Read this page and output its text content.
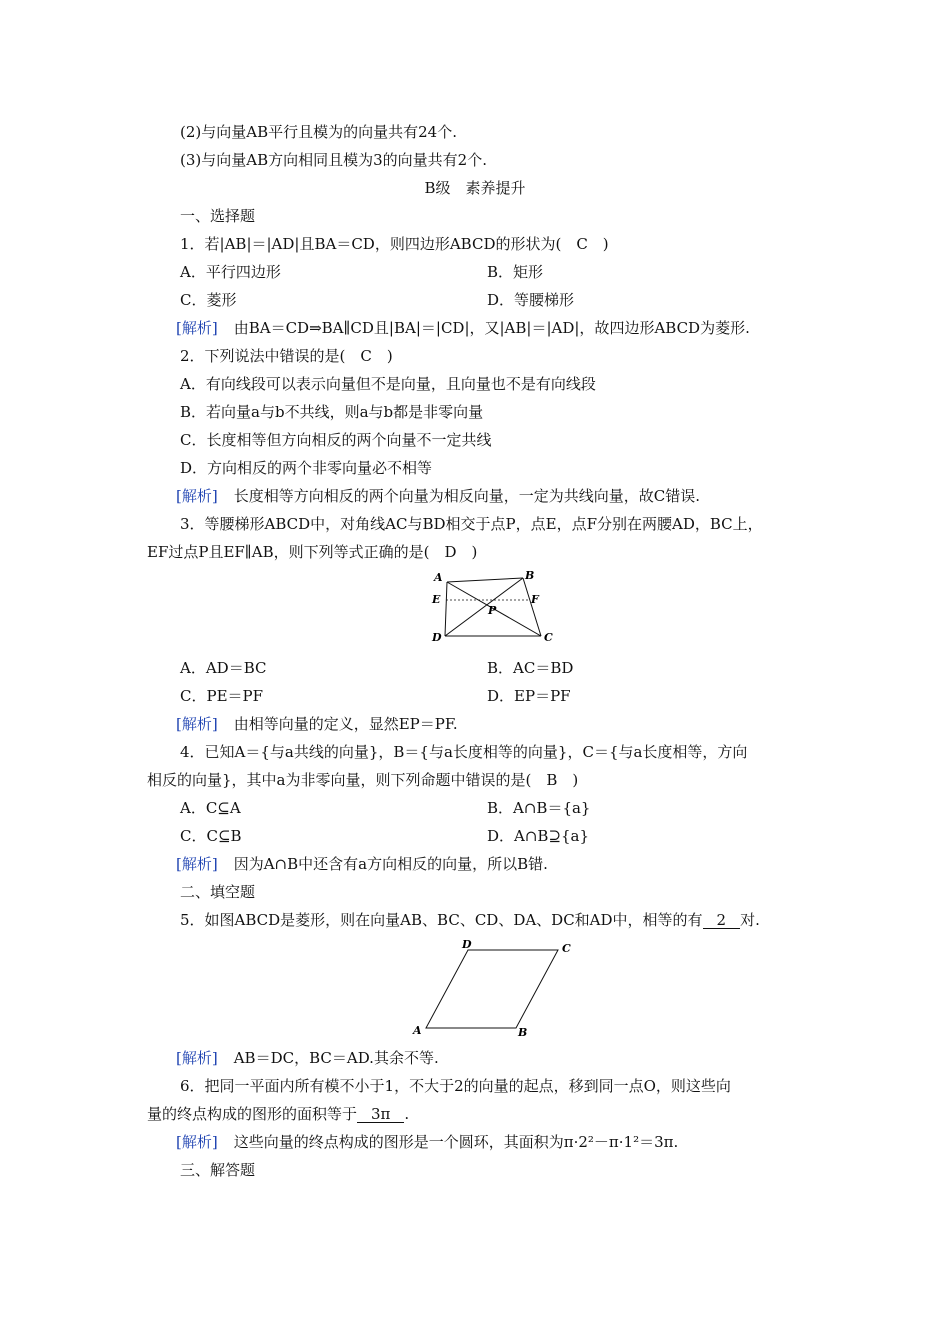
(2)与向量AB平行且模为的向量共有24个.
(3)与向量AB方向相同且模为3的向量共有2个.
B级　素养提升
一、选择题
1．若|AB|＝|AD|且BA＝CD，则四边形ABCD的形状为(　C　)
A．平行四边形	B．矩形
C．菱形	D．等腰梯形
[解析] 由BA＝CD⇒BA∥CD且|BA|＝|CD|，又|AB|＝|AD|，故四边形ABCD为菱形.
2．下列说法中错误的是(　C　)
A．有向线段可以表示向量但不是向量，且向量也不是有向线段
B．若向量a与b不共线，则a与b都是非零向量
C．长度相等但方向相反的两个向量不一定共线
D．方向相反的两个非零向量必不相等
[解析] 长度相等方向相反的两个向量为相反向量，一定为共线向量，故C错误.
3．等腰梯形ABCD中，对角线AC与BD相交于点P，点E，点F分别在两腰AD，BC上，
EF过点P且EF∥AB，则下列等式正确的是(　D　)
A	B
E	F
P
D	C
A．AD＝BC	B．AC＝BD
C．PE＝PF	D．EP＝PF
[解析] 由相等向量的定义，显然EP＝PF.
4．已知A＝{与a共线的向量}，B＝{与a长度相等的向量}，C＝{与a长度相等，方向
相反的向量}，其中a为非零向量，则下列命题中错误的是(　B　)
A．C⊆A	B．A∩B＝{a}
C．C⊆B	D．A∩B⊇{a}
[解析] 因为A∩B中还含有a方向相反的向量，所以B错.
二、填空题
5．如图ABCD是菱形，则在向量AB、BC、CD、DA、DC和AD中，相等的有 2 对.
D	C
A	B
[解析] AB＝DC，BC＝AD.其余不等.
6．把同一平面内所有模不小于1，不大于2的向量的起点，移到同一点O，则这些向
量的终点构成的图形的面积等于 3π .
[解析] 这些向量的终点构成的图形是一个圆环，其面积为π·2²－π·1²＝3π.
三、解答题
